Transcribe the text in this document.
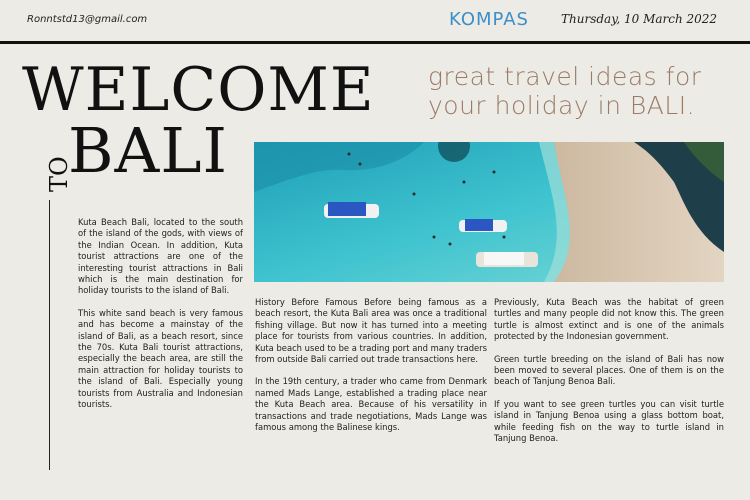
Ronntstd13@gmail.com	KOMPAS	Thursday, 10 March 2022
WELCOME
TO
BALI
great travel ideas for your holiday in BALI.

Kuta Beach Bali, located to the south of the island of the gods, with views of the Indian Ocean. In addition, Kuta tourist attractions are one of the interesting tourist attractions in Bali which is the main destination for holiday tourists to the island of Bali.

This white sand beach is very famous and has become a mainstay of the island of Bali, as a beach resort, since the 70s. Kuta Bali tourist attractions, especially the beach area, are still the main attraction for holiday tourists to the island of Bali. Especially young tourists from Australia and Indonesian tourists.

History Before Famous Before being famous as a beach resort, the Kuta Bali area was once a traditional fishing village. But now it has turned into a meeting place for tourists from various countries. In addition, Kuta beach used to be a trading port and many traders from outside Bali carried out trade transactions here.

In the 19th century, a trader who came from Denmark named Mads Lange, established a trading place near the Kuta Beach area. Because of his versatility in transactions and trade negotiations, Mads Lange was famous among the Balinese kings.

Previously, Kuta Beach was the habitat of green turtles and many people did not know this. The green turtle is almost extinct and is one of the animals protected by the Indonesian government.

Green turtle breeding on the island of Bali has now been moved to several places. One of them is on the beach of Tanjung Benoa Bali.

If you want to see green turtles you can visit turtle island in Tanjung Benoa using a glass bottom boat, while feeding fish on the way to turtle island in Tanjung Benoa.
